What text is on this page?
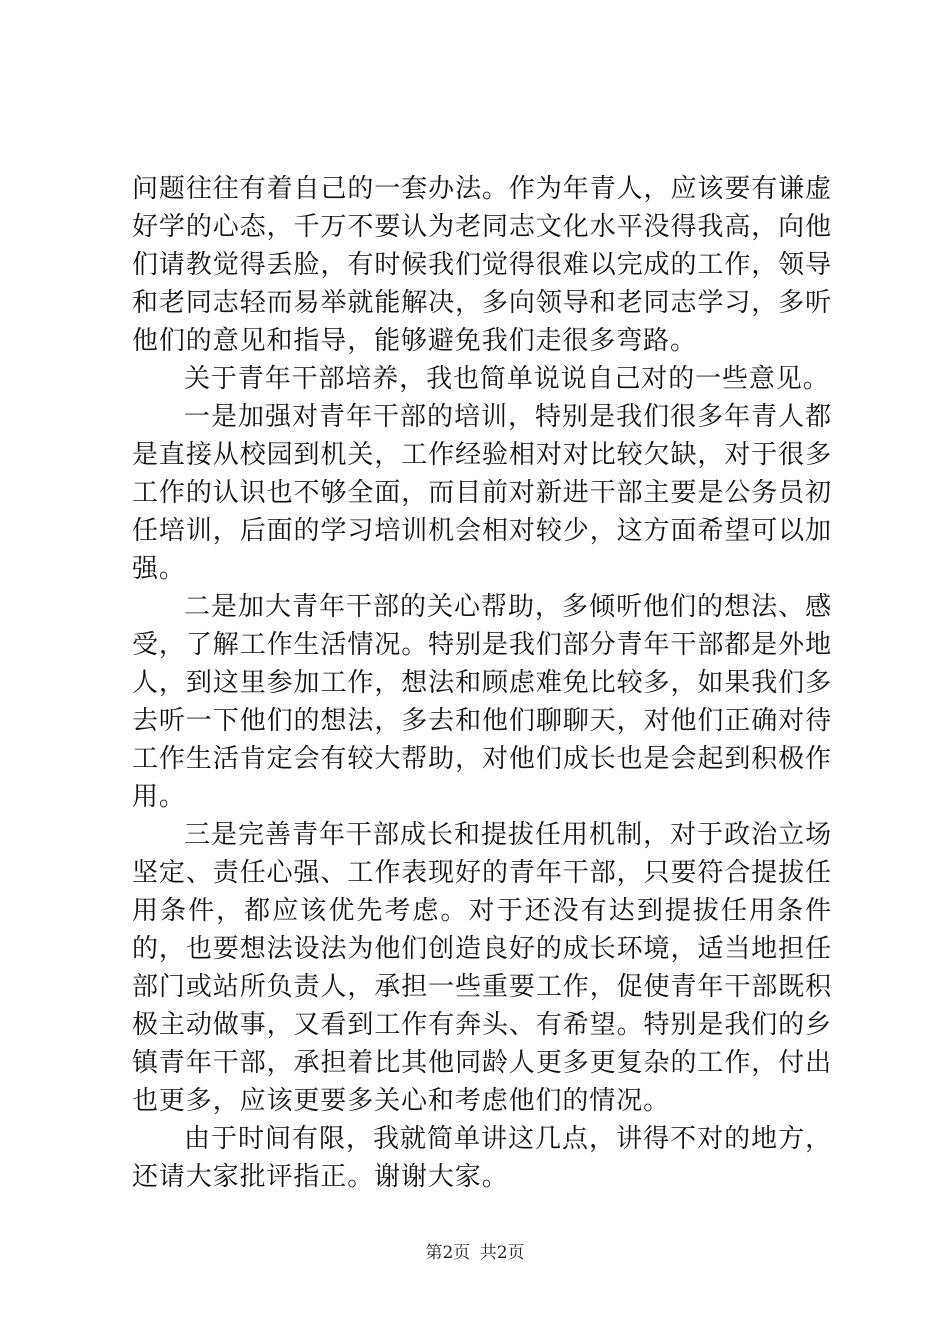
问题往往有着自己的一套办法。作为年青人，应该要有谦虚好学的心态，千万不要认为老同志文化水平没得我高，向他们请教觉得丢脸，有时候我们觉得很难以完成的工作，领导和老同志轻而易举就能解决，多向领导和老同志学习，多听他们的意见和指导，能够避免我们走很多弯路。

关于青年干部培养，我也简单说说自己对的一些意见。

一是加强对青年干部的培训，特别是我们很多年青人都是直接从校园到机关，工作经验相对对比较欠缺，对于很多工作的认识也不够全面，而目前对新进干部主要是公务员初任培训，后面的学习培训机会相对较少，这方面希望可以加强。

二是加大青年干部的关心帮助，多倾听他们的想法、感受，了解工作生活情况。特别是我们部分青年干部都是外地人，到这里参加工作，想法和顾虑难免比较多，如果我们多去听一下他们的想法，多去和他们聊聊天，对他们正确对待工作生活肯定会有较大帮助，对他们成长也是会起到积极作用。

三是完善青年干部成长和提拔任用机制，对于政治立场坚定、责任心强、工作表现好的青年干部，只要符合提拔任用条件，都应该优先考虑。对于还没有达到提拔任用条件的，也要想法设法为他们创造良好的成长环境，适当地担任部门或站所负责人，承担一些重要工作，促使青年干部既积极主动做事，又看到工作有奔头、有希望。特别是我们的乡镇青年干部，承担着比其他同龄人更多更复杂的工作，付出也更多，应该更要多关心和考虑他们的情况。

由于时间有限，我就简单讲这几点，讲得不对的地方，还请大家批评指正。谢谢大家。

第2页 共2页
